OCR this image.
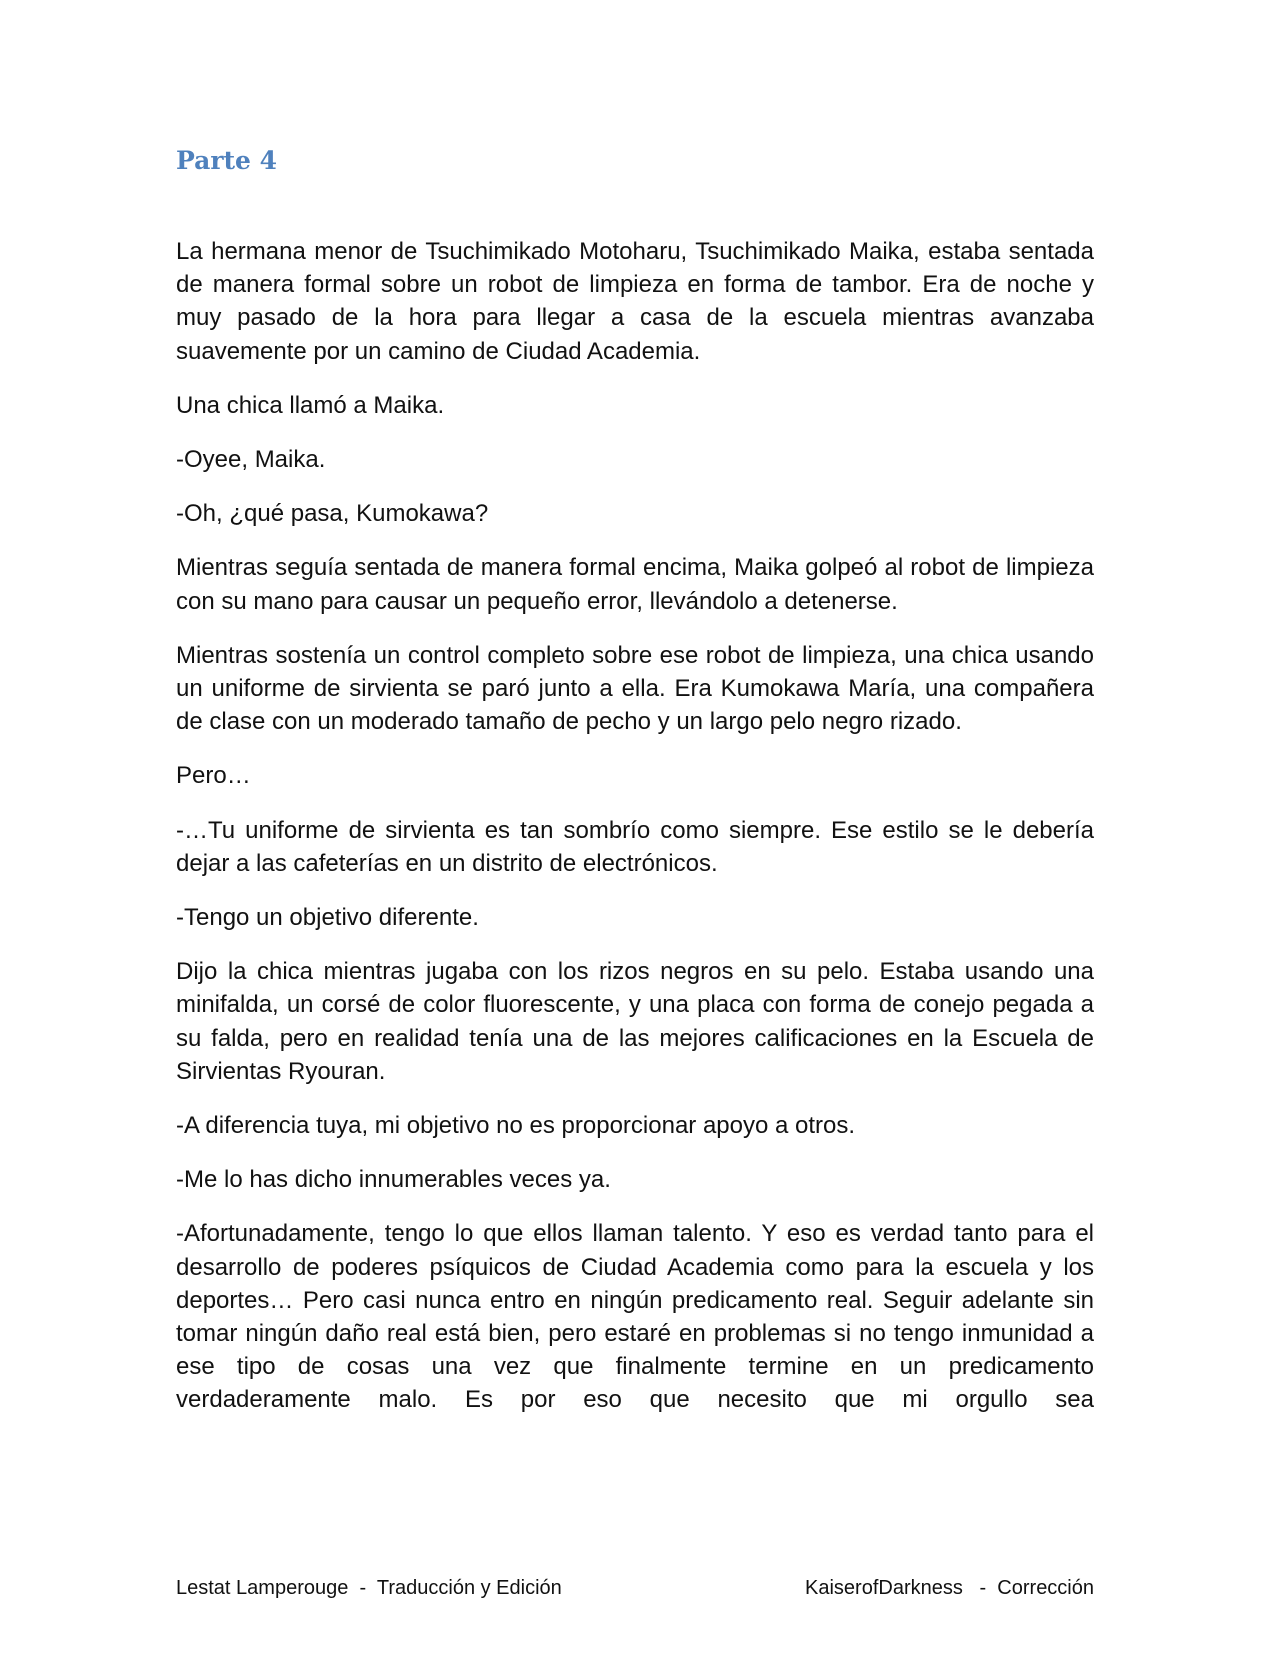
Parte 4

La hermana menor de Tsuchimikado Motoharu, Tsuchimikado Maika, estaba sentada de manera formal sobre un robot de limpieza en forma de tambor. Era de noche y muy pasado de la hora para llegar a casa de la escuela mientras avanzaba suavemente por un camino de Ciudad Academia.

Una chica llamó a Maika.

-Oyee, Maika.

-Oh, ¿qué pasa, Kumokawa?

Mientras seguía sentada de manera formal encima, Maika golpeó al robot de limpieza con su mano para causar un pequeño error, llevándolo a detenerse.

Mientras sostenía un control completo sobre ese robot de limpieza, una chica usando un uniforme de sirvienta se paró junto a ella. Era Kumokawa María, una compañera de clase con un moderado tamaño de pecho y un largo pelo negro rizado.

Pero…

-…Tu uniforme de sirvienta es tan sombrío como siempre. Ese estilo se le debería dejar a las cafeterías en un distrito de electrónicos.

-Tengo un objetivo diferente.

Dijo la chica mientras jugaba con los rizos negros en su pelo. Estaba usando una minifalda, un corsé de color fluorescente, y una placa con forma de conejo pegada a su falda, pero en realidad tenía una de las mejores calificaciones en la Escuela de Sirvientas Ryouran.

-A diferencia tuya, mi objetivo no es proporcionar apoyo a otros.

-Me lo has dicho innumerables veces ya.

-Afortunadamente, tengo lo que ellos llaman talento. Y eso es verdad tanto para el desarrollo de poderes psíquicos de Ciudad Academia como para la escuela y los deportes… Pero casi nunca entro en ningún predicamento real. Seguir adelante sin tomar ningún daño real está bien, pero estaré en problemas si no tengo inmunidad a ese tipo de cosas una vez que finalmente termine en un predicamento verdaderamente malo. Es por eso que necesito que mi orgullo sea

Lestat Lamperouge  -  Traducción y Edición	KaiserofDarkness   -  Corrección
